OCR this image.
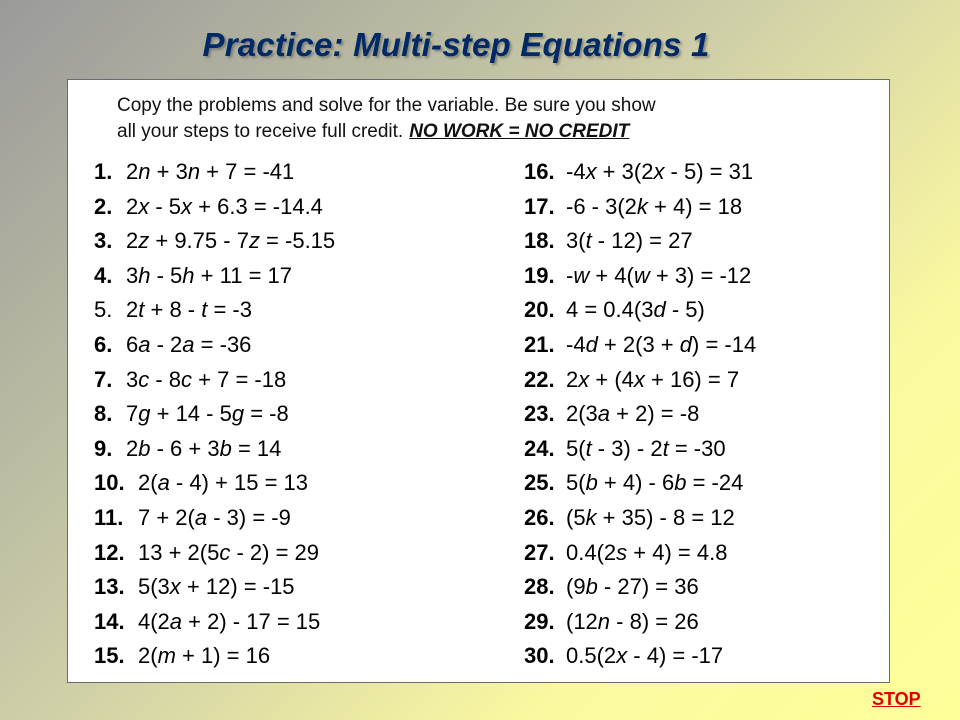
Practice: Multi-step Equations 1
Copy the problems and solve for the variable. Be sure you show
all your steps to receive full credit. NO WORK = NO CREDIT
1. 2n + 3n + 7 = -41
2. 2x - 5x + 6.3 = -14.4
3. 2z + 9.75 - 7z = -5.15
4. 3h - 5h + 11 = 17
5. 2t + 8 - t = -3
6. 6a - 2a = -36
7. 3c - 8c + 7 = -18
8. 7g + 14 - 5g = -8
9. 2b - 6 + 3b = 14
10. 2(a - 4) + 15 = 13
11. 7 + 2(a - 3) = -9
12. 13 + 2(5c - 2) = 29
13. 5(3x + 12) = -15
14. 4(2a + 2) - 17 = 15
15. 2(m + 1) = 16
16. -4x + 3(2x - 5) = 31
17. -6 - 3(2k + 4) = 18
18. 3(t - 12) = 27
19. -w + 4(w + 3) = -12
20. 4 = 0.4(3d - 5)
21. -4d + 2(3 + d) = -14
22. 2x + (4x + 16) = 7
23. 2(3a + 2) = -8
24. 5(t - 3) - 2t = -30
25. 5(b + 4) - 6b = -24
26. (5k + 35) - 8 = 12
27. 0.4(2s + 4) = 4.8
28. (9b - 27) = 36
29. (12n - 8) = 26
30. 0.5(2x - 4) = -17
STOP
